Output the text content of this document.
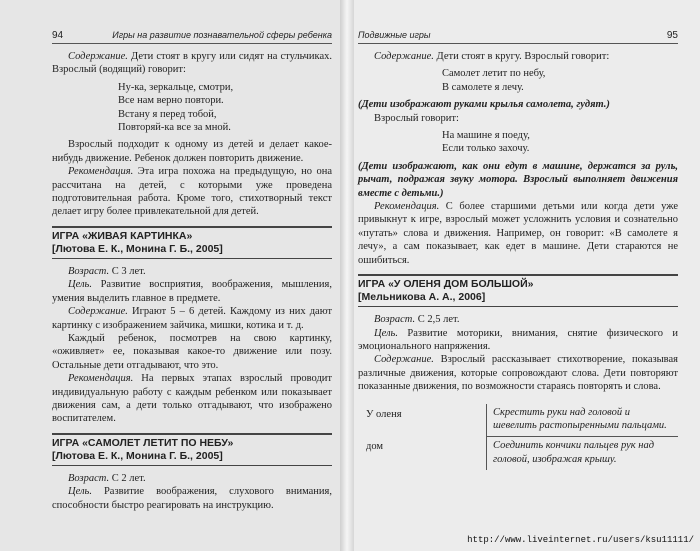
94	Игры на развитие познавательной сферы ребенка

Содержание. Дети стоят в кругу или сидят на стульчиках. Взрослый (водящий) говорит:

Ну-ка, зеркальце, смотри,
Все нам верно повтори.
Встану я перед тобой,
Повторяй-ка все за мной.

Взрослый подходит к одному из детей и делает какое-нибудь движение. Ребенок должен повторить движение.

Рекомендация. Эта игра похожа на предыдущую, но она рассчитана на детей, с которыми уже проведена подготовительная работа. Кроме того, стихотворный текст делает игру более привлекательной для детей.

ИГРА «ЖИВАЯ КАРТИНКА»
[Лютова Е. К., Монина Г. Б., 2005]

Возраст. С 3 лет.

Цель. Развитие восприятия, воображения, мышления, умения выделить главное в предмете.

Содержание. Играют 5 – 6 детей. Каждому из них дают картинку с изображением зайчика, мишки, котика и т. д.

Каждый ребенок, посмотрев на свою картинку, «оживляет» ее, показывая какое-то движение или позу. Остальные дети отгадывают, что это.

Рекомендация. На первых этапах взрослый проводит индивидуальную работу с каждым ребенком или показывает движения сам, а дети только отгадывают, что изображено воспитателем.

ИГРА «САМОЛЕТ ЛЕТИТ ПО НЕБУ»
[Лютова Е. К., Монина Г. Б., 2005]

Возраст. С 2 лет.

Цель. Развитие воображения, слухового внимания, способности быстро реагировать на инструкцию.

Подвижные игры	95

Содержание. Дети стоят в кругу. Взрослый говорит:

Самолет летит по небу,
В самолете я лечу.

(Дети изображают руками крылья самолета, гудят.)

Взрослый говорит:

На машине я поеду,
Если только захочу.

(Дети изображают, как они едут в машине, держатся за руль, рычат, подражая звуку мотора. Взрослый выполняет движения вместе с детьми.)

Рекомендация. С более старшими детьми или когда дети уже привыкнут к игре, взрослый может усложнить условия и сознательно «путать» слова и движения. Например, он говорит: «В самолете я лечу», а сам показывает, как едет в машине. Дети стараются не ошибиться.

ИГРА «У ОЛЕНЯ ДОМ БОЛЬШОЙ»
[Мельникова А. А., 2006]

Возраст. С 2,5 лет.

Цель. Развитие моторики, внимания, снятие физического и эмоционального напряжения.

Содержание. Взрослый рассказывает стихотворение, показывая различные движения, которые сопровождают слова. Дети повторяют показанные движения, по возможности стараясь повторять и слова.

У оленя	Скрестить руки над головой и шевелить растопыренными пальцами.
дом	Соединить кончики пальцев рук над головой, изображая крышу.
http://www.liveinternet.ru/users/ksu11111/
